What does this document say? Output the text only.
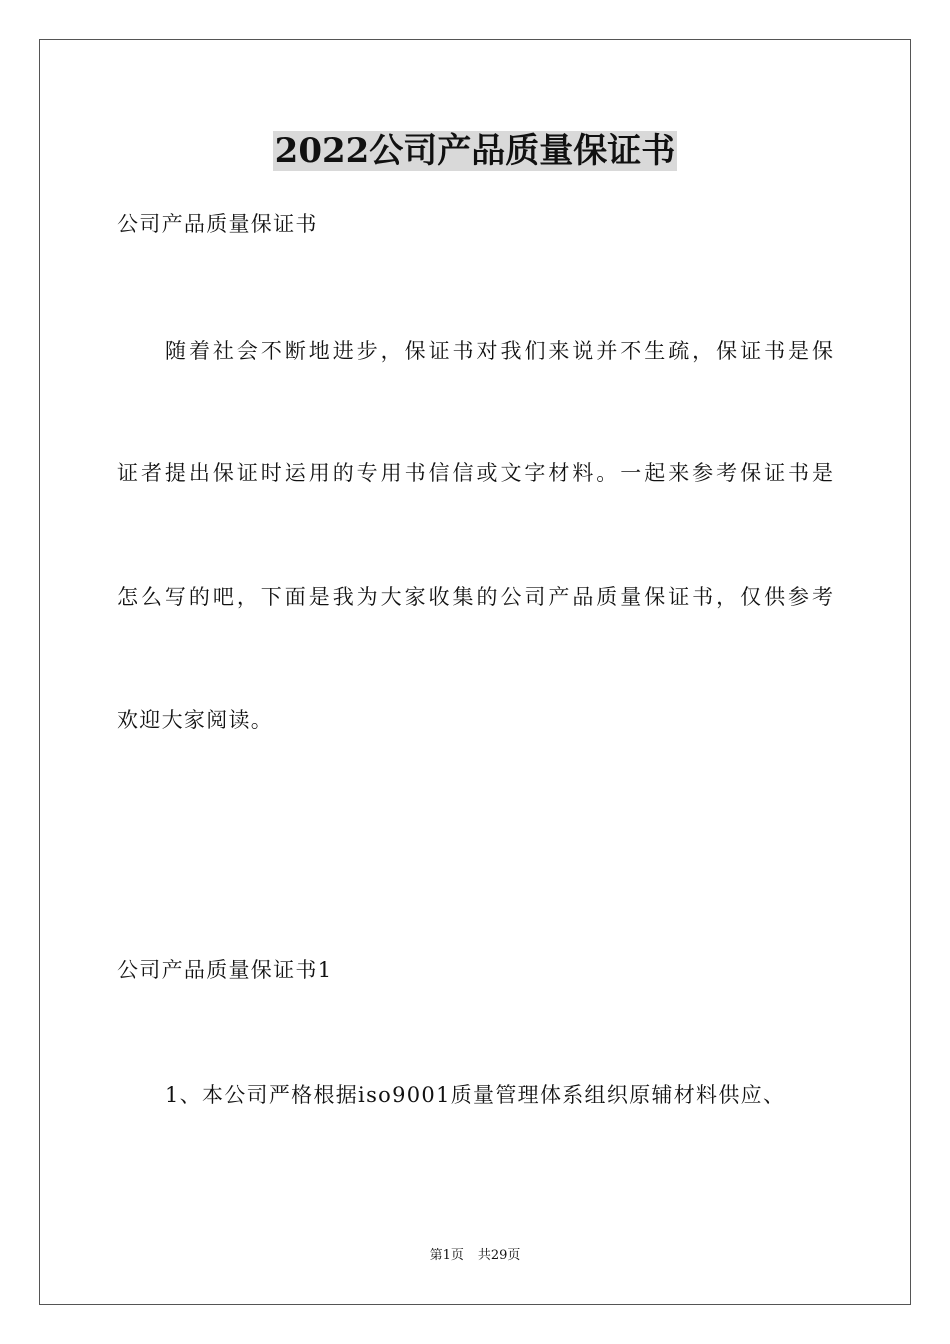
2022公司产品质量保证书

公司产品质量保证书

随着社会不断地进步，保证书对我们来说并不生疏，保证书是保

证者提出保证时运用的专用书信信或文字材料。一起来参考保证书是

怎么写的吧，下面是我为大家收集的公司产品质量保证书，仅供参考

欢迎大家阅读。

公司产品质量保证书1

1、本公司严格根据iso9001质量管理体系组织原辅材料供应、

第1页 共29页
